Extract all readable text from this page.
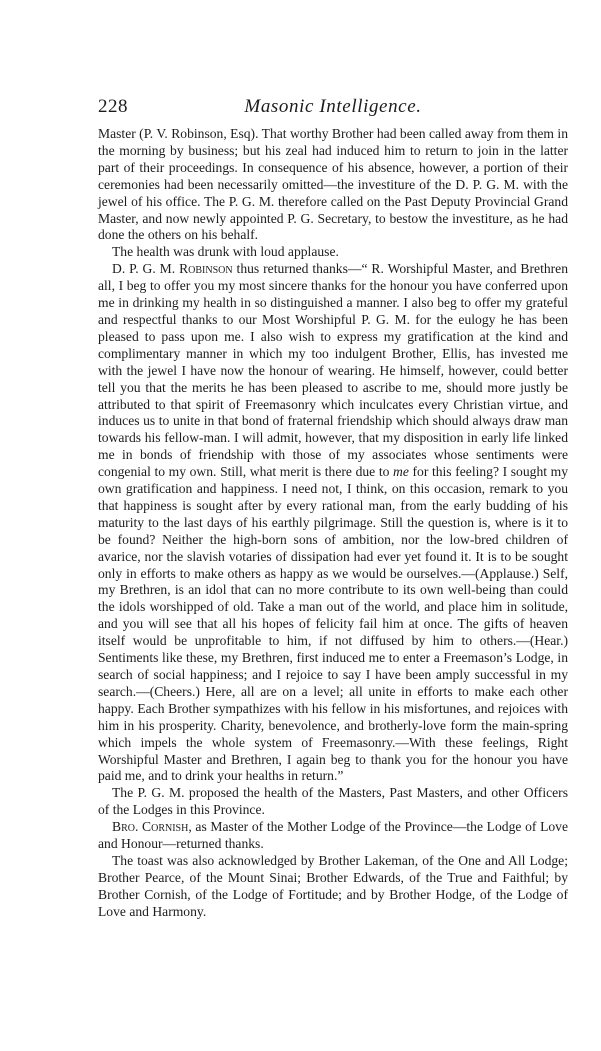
228	Masonic Intelligence.

Master (P. V. Robinson, Esq). That worthy Brother had been called away from them in the morning by business; but his zeal had induced him to return to join in the latter part of their proceedings. In consequence of his absence, however, a portion of their ceremonies had been necessarily omitted—the investiture of the D. P. G. M. with the jewel of his office. The P. G. M. therefore called on the Past Deputy Provincial Grand Master, and now newly appointed P. G. Secretary, to bestow the investiture, as he had done the others on his behalf.

The health was drunk with loud applause.

D. P. G. M. Robinson thus returned thanks—“ R. Worshipful Master, and Brethren all, I beg to offer you my most sincere thanks for the honour you have conferred upon me in drinking my health in so distinguished a manner. I also beg to offer my grateful and respectful thanks to our Most Worshipful P. G. M. for the eulogy he has been pleased to pass upon me. I also wish to express my gratification at the kind and complimentary manner in which my too indulgent Brother, Ellis, has invested me with the jewel I have now the honour of wearing. He himself, however, could better tell you that the merits he has been pleased to ascribe to me, should more justly be attributed to that spirit of Freemasonry which inculcates every Christian virtue, and induces us to unite in that bond of fraternal friendship which should always draw man towards his fellow-man. I will admit, however, that my disposition in early life linked me in bonds of friendship with those of my associates whose sentiments were congenial to my own. Still, what merit is there due to me for this feeling? I sought my own gratification and happiness. I need not, I think, on this occasion, remark to you that happiness is sought after by every rational man, from the early budding of his maturity to the last days of his earthly pilgrimage. Still the question is, where is it to be found? Neither the high-born sons of ambition, nor the low-bred children of avarice, nor the slavish votaries of dissipation had ever yet found it. It is to be sought only in efforts to make others as happy as we would be ourselves.—(Applause.) Self, my Brethren, is an idol that can no more contribute to its own well-being than could the idols worshipped of old. Take a man out of the world, and place him in solitude, and you will see that all his hopes of felicity fail him at once. The gifts of heaven itself would be unprofitable to him, if not diffused by him to others.—(Hear.) Sentiments like these, my Brethren, first induced me to enter a Freemason’s Lodge, in search of social happiness; and I rejoice to say I have been amply successful in my search.—(Cheers.) Here, all are on a level; all unite in efforts to make each other happy. Each Brother sympathizes with his fellow in his misfortunes, and rejoices with him in his prosperity. Charity, benevolence, and brotherly-love form the main-spring which impels the whole system of Freemasonry.—With these feelings, Right Worshipful Master and Brethren, I again beg to thank you for the honour you have paid me, and to drink your healths in return.”

The P. G. M. proposed the health of the Masters, Past Masters, and other Officers of the Lodges in this Province.

Bro. Cornish, as Master of the Mother Lodge of the Province—the Lodge of Love and Honour—returned thanks.

The toast was also acknowledged by Brother Lakeman, of the One and All Lodge; Brother Pearce, of the Mount Sinai; Brother Edwards, of the True and Faithful; by Brother Cornish, of the Lodge of Fortitude; and by Brother Hodge, of the Lodge of Love and Harmony.
